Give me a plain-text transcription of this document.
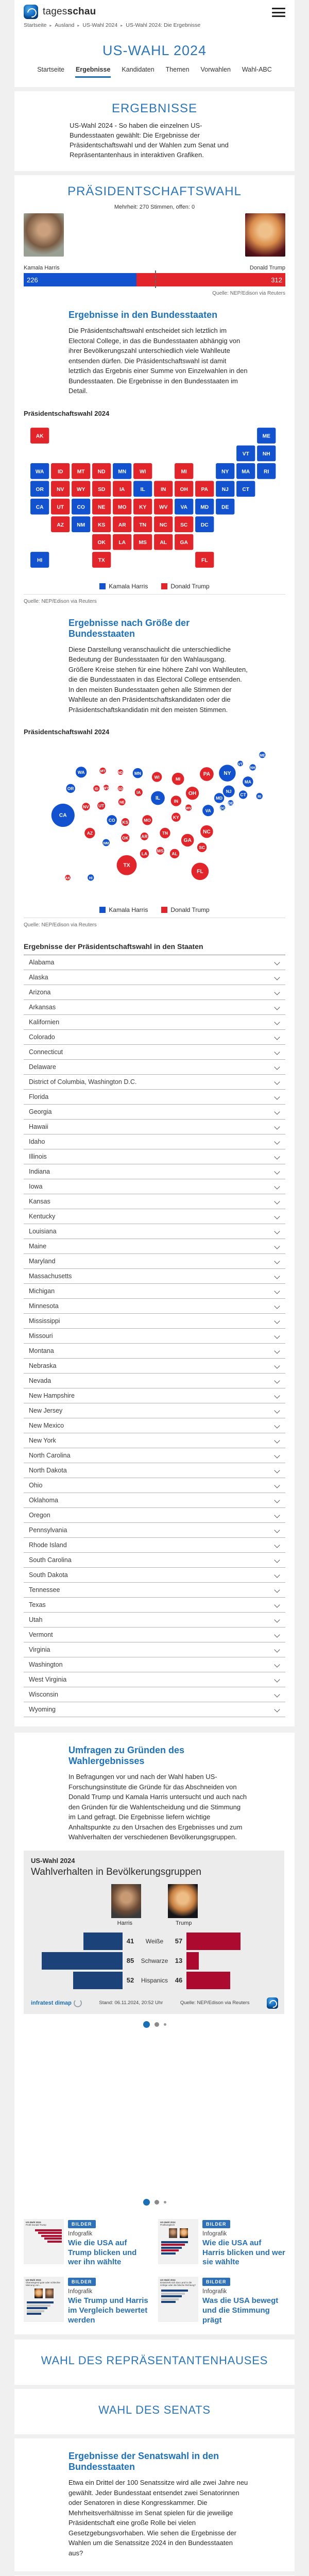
tagesschau
Startseite ▸ Ausland ▸ US-Wahl 2024 ▸ US-Wahl 2024: Die Ergebnisse
US-WAHL 2024
Startseite Ergebnisse Kandidaten Themen Vorwahlen Wahl-ABC
ERGEBNISSE

US-Wahl 2024 - So haben die einzelnen US-Bundesstaaten gewählt: Die Ergebnisse der Präsidentschaftswahl und der Wahlen zum Senat und Repräsentantenhaus in interaktiven Grafiken.

PRÄSIDENTSCHAFTSWAHL
Mehrheit: 270 Stimmen, offen: 0
Kamala Harris	Donald Trump
226	312
Quelle: NEP/Edison via Reuters
Ergebnisse in den Bundesstaaten

Die Präsidentschaftswahl entscheidet sich letztlich im Electoral College, in das die Bundesstaaten abhängig von ihrer Bevölkerungszahl unterschiedlich viele Wahlleute entsenden dürfen. Die Präsidentschaftswahl ist damit letztlich das Ergebnis einer Summe von Einzelwahlen in den Bundesstaaten. Die Ergebnisse in den Bundesstaaten im Detail.

Präsidentschaftswahl 2024
AK	ME
VT NH
WA ID	MT ND MN WI	MI	NY MA RI
OR NV WY SD	IA	IL	IN OH PA NJ CT
CA UT CO NE MO KY WV VA MD DE
AZ NM KS AR TN NC SC DC
OK LA MS AL GA
HI	TX	FL
Kamala Harris	Donald Trump
Quelle: NEP/Edison via Reuters
Ergebnisse nach Größe der Bundesstaaten

Diese Darstellung veranschaulicht die unterschiedliche Bedeutung der Bundesstaaten für den Wahlausgang. Größere Kreise stehen für eine höhere Zahl von Wahlleuten, die die Bundesstaaten in das Electoral College entsenden. In den meisten Bundesstaaten gehen alle Stimmen der Wahlleute an den Präsidentschaftskandidaten oder die Präsidentschaftskandidatin mit den meisten Stimmen.

Präsidentschaftswahl 2024
AK
ME
VT
NH
WA
ID
MT	ND MN
WI	MI
NY
MA
RI
OR
NV
WY SD
IA
IL	IN
OH
PA
NJ
CT
CA
UT
CO
NE
MO
KY
WV	VA
MD
DE
AZ
NM
KS
AR
TN	NC
SC
DC
OK
LA
MS
AL
GA
HI
TX
FL
Kamala Harris	Donald Trump
Quelle: NEP/Edison via Reuters
Ergebnisse der Präsidentschaftswahl in den Staaten
Alabama
Alaska
Arizona
Arkansas
Kalifornien
Colorado
Connecticut
Delaware
District of Columbia, Washington D.C.
Florida
Georgia
Hawaii
Idaho
Illinois
Indiana
Iowa
Kansas
Kentucky
Louisiana
Maine
Maryland
Massachusetts
Michigan
Minnesota
Mississippi
Missouri
Montana
Nebraska
Nevada
New Hampshire
New Jersey
New Mexico
New York
North Carolina
North Dakota
Ohio
Oklahoma
Oregon
Pennsylvania
Rhode Island
South Carolina
South Dakota
Tennessee
Texas
Utah
Vermont
Virginia
Washington
West Virginia
Wisconsin
Wyoming
Umfragen zu Gründen des Wahlergebnisses

In Befragungen vor und nach der Wahl haben US-Forschungsinstitute die Gründe für das Abschneiden von Donald Trump und Kamala Harris untersucht und auch nach den Gründen für die Wahlentscheidung und die Stimmung im Land gefragt. Die Ergebnisse liefern wichtige Anhaltspunkte zu den Ursachen des Ergebnisses und zum Wahlverhalten der verschiedenen Bevölkerungsgruppen.

US-Wahl 2024
Wahlverhalten in Bevölkerungsgruppen
Harris	Trump
41	Weiße	57
85	Schwarze	13
52	Hispanics	46
infratest dimap	Stand: 06.11.2024, 20:52 Uhr	Quelle: NEP/Edison via Reuters
US-Wahl 2024
Profil Donald Trump	BILDER
Infografik
Wie die USA auf Trump blicken und wer ihn wählte
US-Wahl 2024
Profilvergleich	BILDER
Infografik
Wie die USA auf Harris blicken und wer sie wählte
US-Wahl 2024
Überwiegend gute oder schlechte Meinung von…
BILDER
Infografik
Wie Trump und Harris im Vergleich bewertet werden
US-Wahl 2024
Entwickelt sich das Land in die richtige oder die falsche Richtung?
BILDER
Infografik
Was die USA bewegt und die Stimmung prägt
WAHL DES REPRÄSENTANTENHAUSES
WAHL DES SENATS
Ergebnisse der Senatswahl in den Bundesstaaten

Etwa ein Drittel der 100 Senatssitze wird alle zwei Jahre neu gewählt. Jeder Bundesstaat entsendet zwei Senatorinnen oder Senatoren in diese Kongresskammer. Die Mehrheitsverhältnisse im Senat spielen für die jeweilige Präsidentschaft eine große Rolle bei vielen Gesetzgebungsvorhaben. Wie sehen die Ergebnisse der Wahlen um die Senatssitze 2024 in den Bundesstaaten aus?
